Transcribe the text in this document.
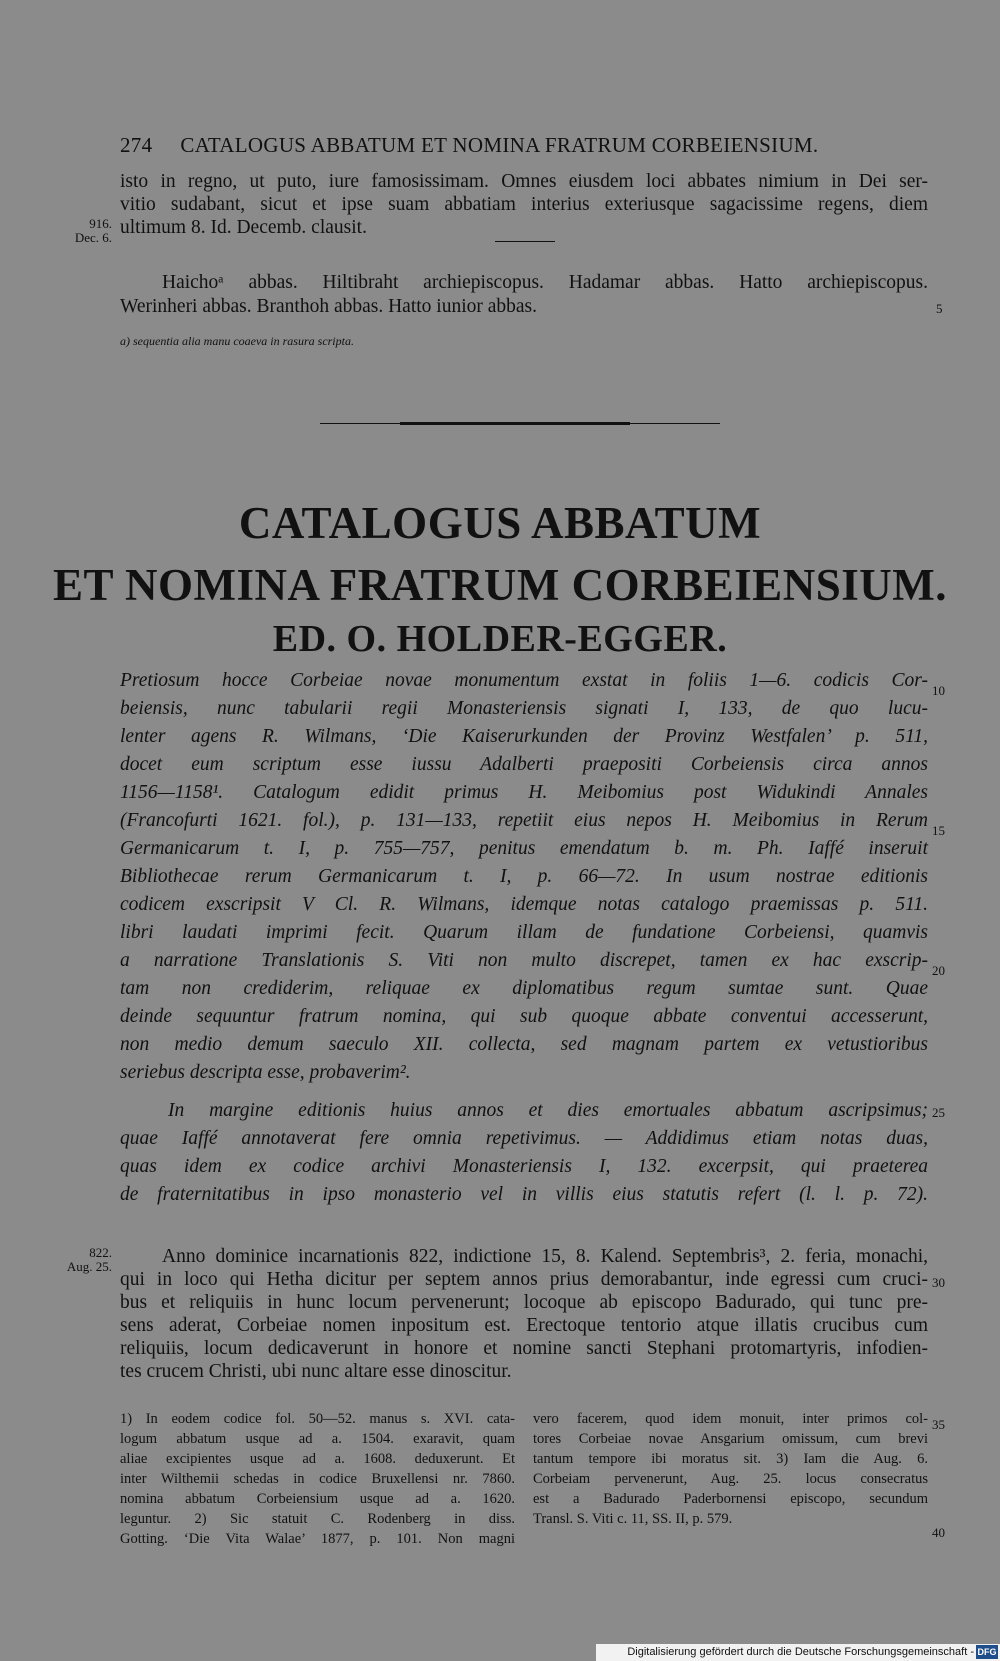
274 CATALOGUS ABBATUM ET NOMINA FRATRUM CORBEIENSIUM.
isto in regno, ut puto, iure famosissimam. Omnes eiusdem loci abbates nimium in Dei ser-
vitio sudabant, sicut et ipse suam abbatiam interius exteriusque sagacissime regens, diem
ultimum 8. Id. Decemb. clausit.
916.
Dec. 6.
Haichoᵃ abbas. Hiltibraht archiepiscopus. Hadamar abbas. Hatto archiepiscopus.
Werinheri abbas. Branthoh abbas. Hatto iunior abbas.	5
a) sequentia alia manu coaeva in rasura scripta.
CATALOGUS ABBATUM
ET NOMINA FRATRUM CORBEIENSIUM.
ED. O. HOLDER-EGGER.
Pretiosum hocce Corbeiae novae monumentum exstat in foliis 1—6. codicis Cor-
beiensis, nunc tabularii regii Monasteriensis signati I, 133, de quo lucu-
lenter agens R. Wilmans, ‘Die Kaiserurkunden der Provinz Westfalen’ p. 511,
docet eum scriptum esse iussu Adalberti praepositi Corbeiensis circa annos
1156—1158¹. Catalogum edidit primus H. Meibomius post Widukindi Annales
(Francofurti 1621. fol.), p. 131—133, repetiit eius nepos H. Meibomius in Rerum
Germanicarum t. I, p. 755—757, penitus emendatum b. m. Ph. Iaffé inseruit
Bibliothecae rerum Germanicarum t. I, p. 66—72. In usum nostrae editionis
codicem exscripsit V Cl. R. Wilmans, idemque notas catalogo praemissas p. 511.
libri laudati imprimi fecit. Quarum illam de fundatione Corbeiensi, quamvis
a narratione Translationis S. Viti non multo discrepet, tamen ex hac exscrip-
tam non crediderim, reliquae ex diplomatibus regum sumtae sunt. Quae
deinde sequuntur fratrum nomina, qui sub quoque abbate conventui accesserunt,
non medio demum saeculo XII. collecta, sed magnam partem ex vetustioribus
seriebus descripta esse, probaverim².
In margine editionis huius annos et dies emortuales abbatum ascripsimus;
quae Iaffé annotaverat fere omnia repetivimus. — Addidimus etiam notas duas,
quas idem ex codice archivi Monasteriensis I, 132. excerpsit, qui praeterea
de fraternitatibus in ipso monasterio vel in villis eius statutis refert (l. l. p. 72).
10
15
20
25
822.
Aug. 25.	Anno dominice incarnationis 822, indictione 15, 8. Kalend. Septembris³, 2. feria, monachi,
qui in loco qui Hetha dicitur per septem annos prius demorabantur, inde egressi cum cruci-
bus et reliquiis in hunc locum pervenerunt; locoque ab episcopo Badurado, qui tunc pre-
sens aderat, Corbeiae nomen inpositum est. Erectoque tentorio atque illatis crucibus cum
reliquiis, locum dedicaverunt in honore et nomine sancti Stephani protomartyris, infodien-
tes crucem Christi, ubi nunc altare esse dinoscitur.
30
1) In eodem codice fol. 50—52. manus s. XVI. cata-
logum abbatum usque ad a. 1504. exaravit, quam
aliae excipientes usque ad a. 1608. deduxerunt. Et
inter Wilthemii schedas in codice Bruxellensi nr. 7860.
nomina abbatum Corbeiensium usque ad a. 1620.
leguntur. 2) Sic statuit C. Rodenberg in diss.
Gotting. ‘Die Vita Walae’ 1877, p. 101. Non magni
vero facerem, quod idem monuit, inter primos col-
tores Corbeiae novae Ansgarium omissum, cum brevi
tantum tempore ibi moratus sit. 3) Iam die Aug. 6.
Corbeiam pervenerunt, Aug. 25. locus consecratus
est a Badurado Paderbornensi episcopo, secundum
Transl. S. Viti c. 11, SS. II, p. 579.
35
40
Digitalisierung gefördert durch die Deutsche Forschungsgemeinschaft - DFG
